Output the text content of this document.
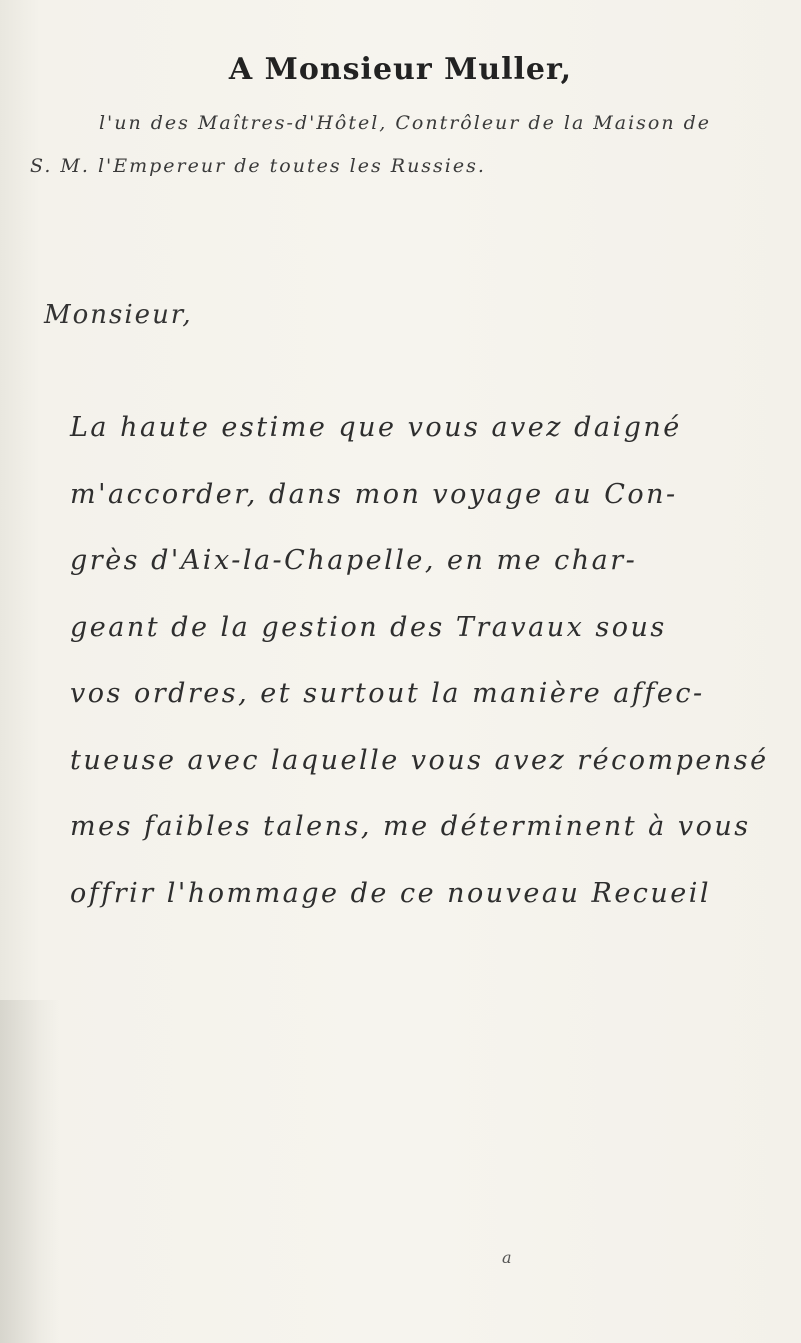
A Monsieur Muller,
l'un des Maîtres-d'Hôtel, Contrôleur de la Maison de
S. M. l'Empereur de toutes les Russies.
Monsieur,
La haute estime que vous avez daigné
m'accorder, dans mon voyage au Con-
grès d'Aix-la-Chapelle, en me char-
geant de la gestion des Travaux sous
vos ordres, et surtout la manière affec-
tueuse avec laquelle vous avez récompensé
mes faibles talens, me déterminent à vous
offrir l'hommage de ce nouveau Recueil
a
